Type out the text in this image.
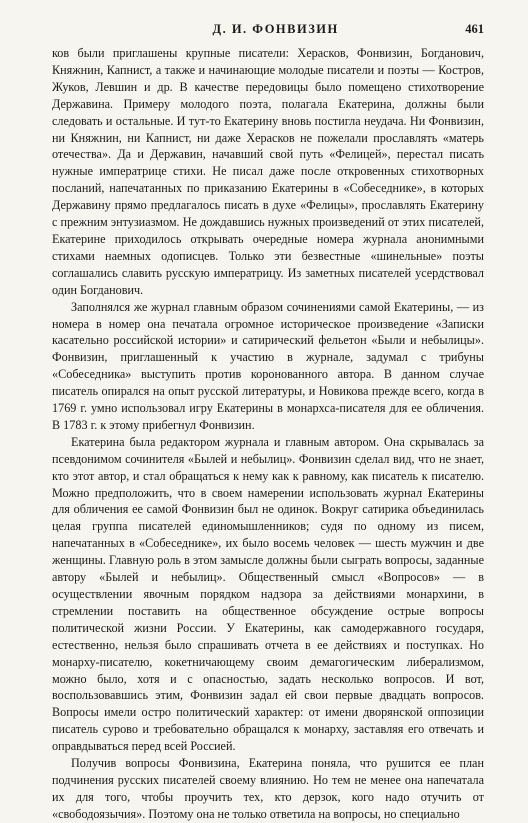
Д. И. ФОНВИЗИН	461

ков были приглашены крупные писатели: Херасков, Фонвизин, Богданович, Княжнин, Капнист, а также и начинающие молодые писатели и поэты — Костров, Жуков, Левшин и др. В качестве передовицы было помещено стихотворение Державина. Примеру молодого поэта, полагала Екатерина, должны были следовать и остальные. И тут-то Екатерину вновь постигла неудача. Ни Фонвизин, ни Княжнин, ни Капнист, ни даже Херасков не пожелали прославлять «матерь отечества». Да и Державин, начавший свой путь «Фелицей», перестал писать нужные императрице стихи. Не писал даже после откровенных стихотворных посланий, напечатанных по приказанию Екатерины в «Собеседнике», в которых Державину прямо предлагалось писать в духе «Фелицы», прославлять Екатерину с прежним энтузиазмом. Не дождавшись нужных произведений от этих писателей, Екатерине приходилось открывать очередные номера журнала анонимными стихами наемных одописцев. Только эти безвестные «шинельные» поэты соглашались славить русскую императрицу. Из заметных писателей усердствовал один Богданович.

Заполнялся же журнал главным образом сочинениями самой Екатерины, — из номера в номер она печатала огромное историческое произведение «Записки касательно российской истории» и сатирический фельетон «Были и небылицы». Фонвизин, приглашенный к участию в журнале, задумал с трибуны «Собеседника» выступить против коронованного автора. В данном случае писатель опирался на опыт русской литературы, и Новикова прежде всего, когда в 1769 г. умно использовал игру Екатерины в монархса-писателя для ее обличения. В 1783 г. к этому прибегнул Фонвизин.

Екатерина была редактором журнала и главным автором. Она скрывалась за псевдонимом сочинителя «Былей и небылиц». Фонвизин сделал вид, что не знает, кто этот автор, и стал обращаться к нему как к равному, как писатель к писателю. Можно предположить, что в своем намерении использовать журнал Екатерины для обличения ее самой Фонвизин был не одинок. Вокруг сатирика объединилась целая группа писателей единомышленников; судя по одному из писем, напечатанных в «Собеседнике», их было восемь человек — шесть мужчин и две женщины. Главную роль в этом замысле должны были сыграть вопросы, заданные автору «Былей и небылиц». Общественный смысл «Вопросов» — в осуществлении явочным порядком надзора за действиями монархини, в стремлении поставить на общественное обсуждение острые вопросы политической жизни России. У Екатерины, как самодержавного государя, естественно, нельзя было спрашивать отчета в ее действиях и поступках. Но монарху-писателю, кокетничающему своим демагогическим либерализмом, можно было, хотя и с опасностью, задать несколько вопросов. И вот, воспользовавшись этим, Фонвизин задал ей свои первые двадцать вопросов. Вопросы имели остро политический характер: от имени дворянской оппозиции писатель сурово и требовательно обращался к монарху, заставляя его отвечать и оправдываться перед всей Россией.

Получив вопросы Фонвизина, Екатерина поняла, что рушится ее план подчинения русских писателей своему влиянию. Но тем не менее она напечатала их для того, чтобы проучить тех, кто дерзок, кого надо отучить от «свободоязычия». Поэтому она не только ответила на вопросы, но специально
